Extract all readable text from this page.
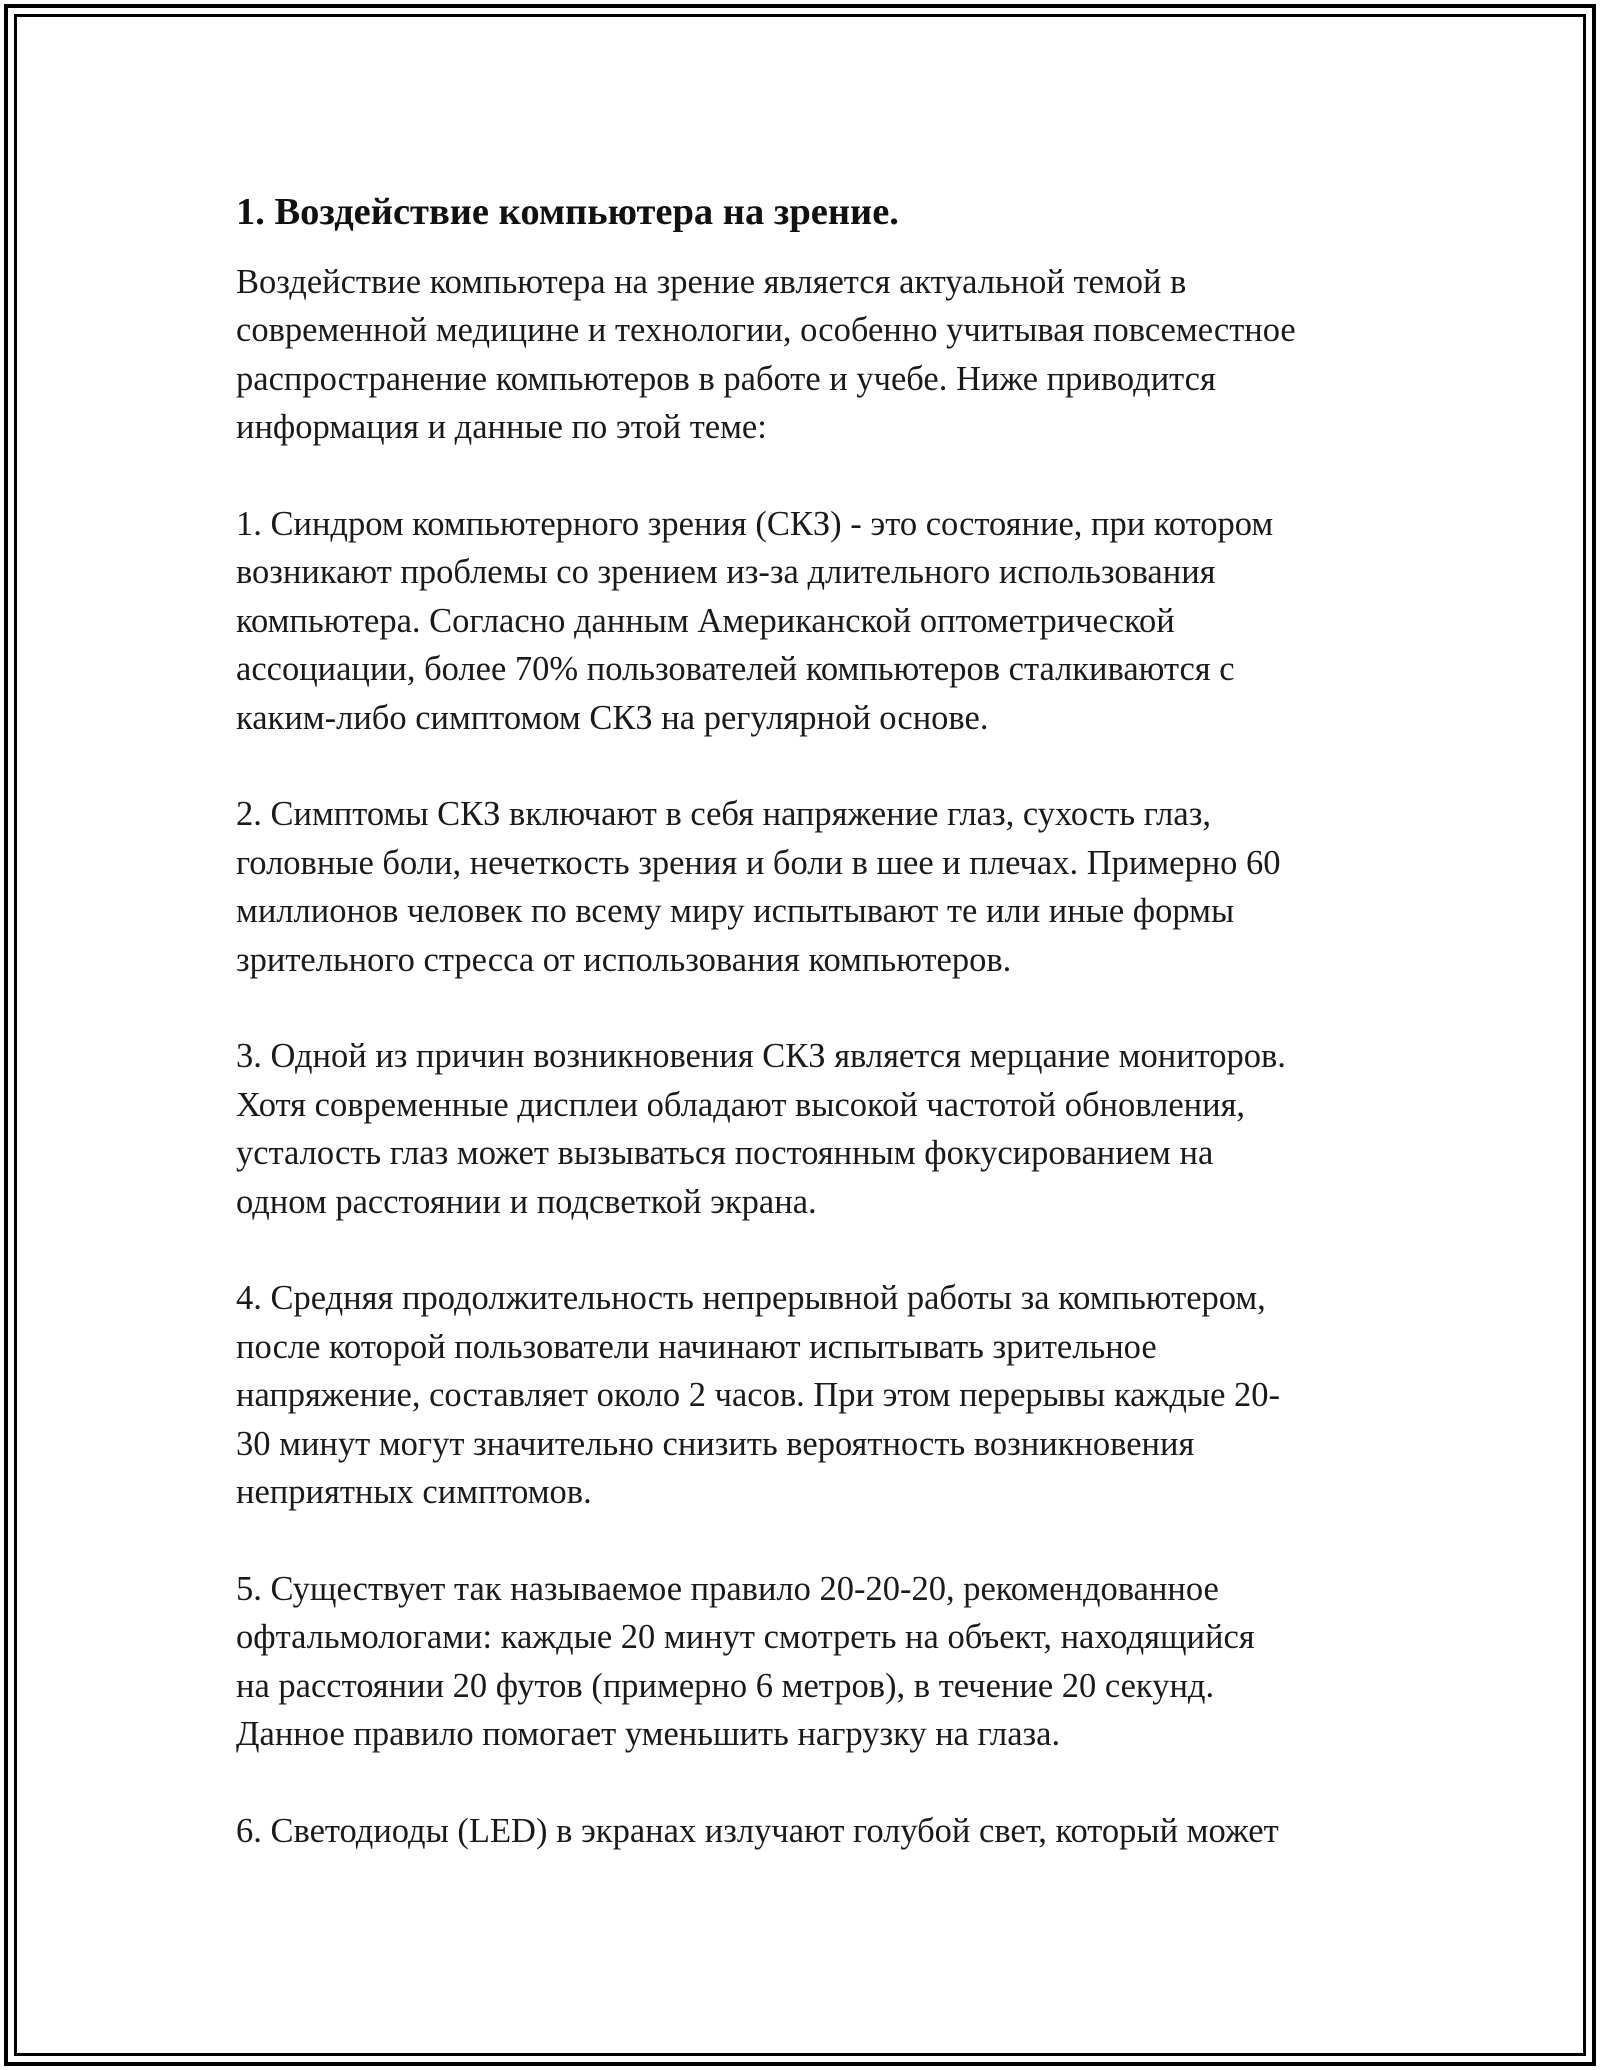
1. Воздействие компьютера на зрение.

Воздействие компьютера на зрение является актуальной темой в
современной медицине и технологии, особенно учитывая повсеместное
распространение компьютеров в работе и учебе. Ниже приводится
информация и данные по этой теме:

1. Синдром компьютерного зрения (СКЗ) - это состояние, при котором
возникают проблемы со зрением из-за длительного использования
компьютера. Согласно данным Американской оптометрической
ассоциации, более 70% пользователей компьютеров сталкиваются с
каким-либо симптомом СКЗ на регулярной основе.

2. Симптомы СКЗ включают в себя напряжение глаз, сухость глаз,
головные боли, нечеткость зрения и боли в шее и плечах. Примерно 60
миллионов человек по всему миру испытывают те или иные формы
зрительного стресса от использования компьютеров.

3. Одной из причин возникновения СКЗ является мерцание мониторов.
Хотя современные дисплеи обладают высокой частотой обновления,
усталость глаз может вызываться постоянным фокусированием на
одном расстоянии и подсветкой экрана.

4. Средняя продолжительность непрерывной работы за компьютером,
после которой пользователи начинают испытывать зрительное
напряжение, составляет около 2 часов. При этом перерывы каждые 20-
30 минут могут значительно снизить вероятность возникновения
неприятных симптомов.

5. Существует так называемое правило 20-20-20, рекомендованное
офтальмологами: каждые 20 минут смотреть на объект, находящийся
на расстоянии 20 футов (примерно 6 метров), в течение 20 секунд.
Данное правило помогает уменьшить нагрузку на глаза.

6. Светодиоды (LED) в экранах излучают голубой свет, который может
